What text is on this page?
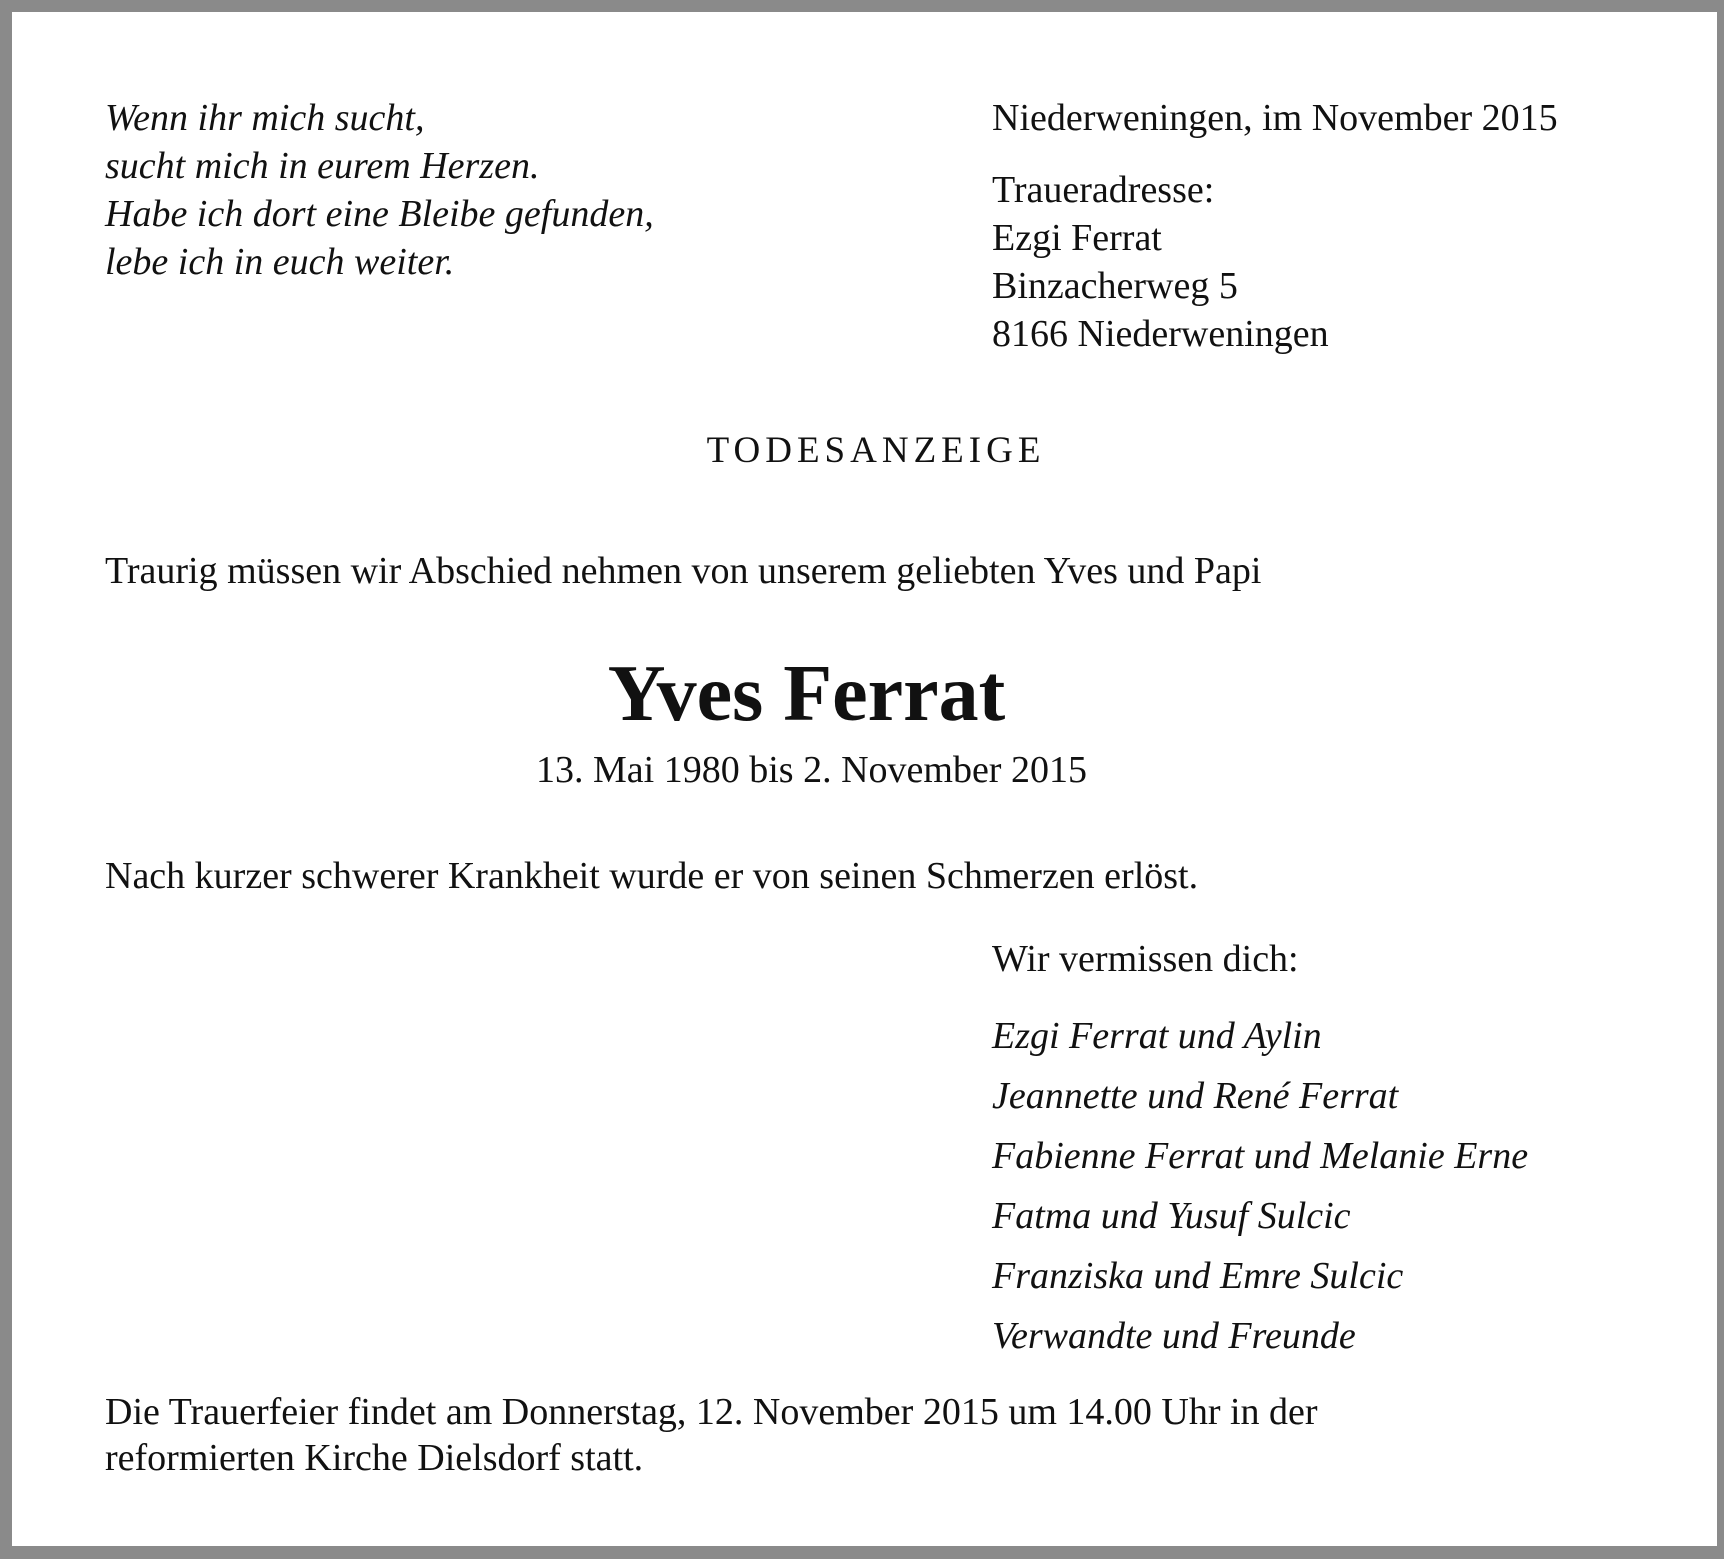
Wenn ihr mich sucht,
sucht mich in eurem Herzen.
Habe ich dort eine Bleibe gefunden,
lebe ich in euch weiter.
Niederweningen, im November 2015
Traueradresse:
Ezgi Ferrat
Binzacherweg 5
8166 Niederweningen
TODESANZEIGE
Traurig müssen wir Abschied nehmen von unserem geliebten Yves und Papi
Yves Ferrat
13. Mai 1980 bis 2. November 2015
Nach kurzer schwerer Krankheit wurde er von seinen Schmerzen erlöst.
Wir vermissen dich:
Ezgi Ferrat und Aylin
Jeannette und René Ferrat
Fabienne Ferrat und Melanie Erne
Fatma und Yusuf Sulcic
Franziska und Emre Sulcic
Verwandte und Freunde
Die Trauerfeier findet am Donnerstag, 12. November 2015 um 14.00 Uhr in der
reformierten Kirche Dielsdorf statt.
